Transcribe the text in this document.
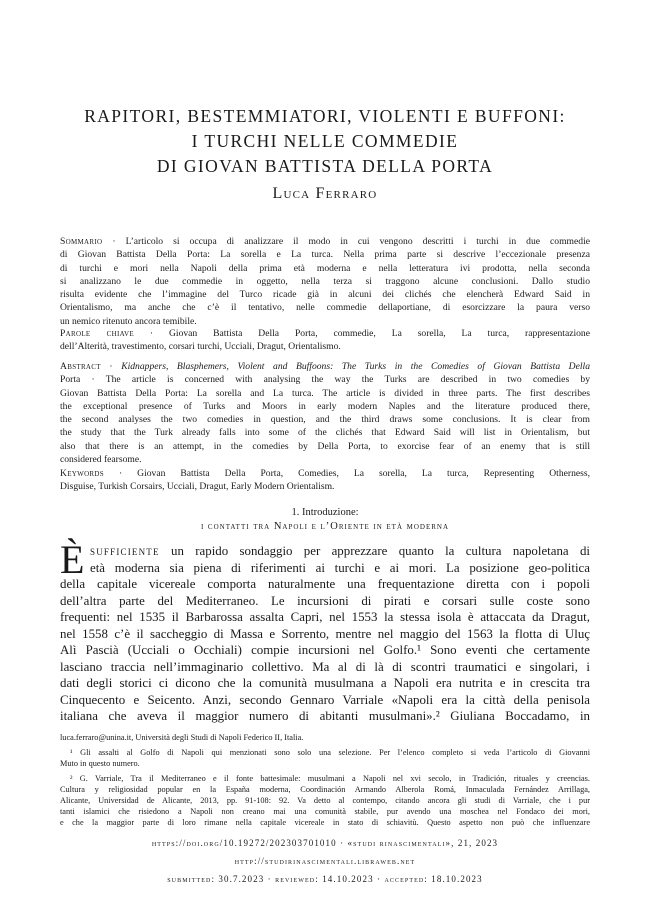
RAPITORI, BESTEMMIATORI, VIOLENTI E BUFFONI:
I TURCHI NELLE COMMEDIE
DI GIOVAN BATTISTA DELLA PORTA
Luca Ferraro
Sommario · L’articolo si occupa di analizzare il modo in cui vengono descritti i turchi in due commedie
di Giovan Battista Della Porta: La sorella e La turca. Nella prima parte si descrive l’eccezionale presenza
di turchi e mori nella Napoli della prima età moderna e nella letteratura ivi prodotta, nella seconda
si analizzano le due commedie in oggetto, nella terza si traggono alcune conclusioni. Dallo studio
risulta evidente che l’immagine del Turco ricade già in alcuni dei clichés che elencherà Edward Said in
Orientalismo, ma anche che c’è il tentativo, nelle commedie dellaportiane, di esorcizzare la paura verso
un nemico ritenuto ancora temibile.
Parole chiave · Giovan Battista Della Porta, commedie, La sorella, La turca, rappresentazione
dell’Alterità, travestimento, corsari turchi, Ucciali, Dragut, Orientalismo.
Abstract · Kidnappers, Blasphemers, Violent and Buffoons: The Turks in the Comedies of Giovan Battista Della
Porta · The article is concerned with analysing the way the Turks are described in two comedies by
Giovan Battista Della Porta: La sorella and La turca. The article is divided in three parts. The first describes
the exceptional presence of Turks and Moors in early modern Naples and the literature produced there,
the second analyses the two comedies in question, and the third draws some conclusions. It is clear from
the study that the Turk already falls into some of the clichés that Edward Said will list in Orientalism, but
also that there is an attempt, in the comedies by Della Porta, to exorcise fear of an enemy that is still
considered fearsome.
Keywords · Giovan Battista Della Porta, Comedies, La sorella, La turca, Representing Otherness,
Disguise, Turkish Corsairs, Ucciali, Dragut, Early Modern Orientalism.
1. Introduzione:
i contatti tra Napoli e l’Oriente in età moderna
È sufficiente un rapido sondaggio per apprezzare quanto la cultura napoletana di
età moderna sia piena di riferimenti ai turchi e ai mori. La posizione geo-politica
della capitale vicereale comporta naturalmente una frequentazione diretta con i popoli
dell’altra parte del Mediterraneo. Le incursioni di pirati e corsari sulle coste sono
frequenti: nel 1535 il Barbarossa assalta Capri, nel 1553 la stessa isola è attaccata da Dragut,
nel 1558 c’è il saccheggio di Massa e Sorrento, mentre nel maggio del 1563 la flotta di Uluç
Alì Pascià (Ucciali o Occhiali) compie incursioni nel Golfo.¹ Sono eventi che certamente
lasciano traccia nell’immaginario collettivo. Ma al di là di scontri traumatici e singolari, i
dati degli storici ci dicono che la comunità musulmana a Napoli era nutrita e in crescita tra
Cinquecento e Seicento. Anzi, secondo Gennaro Varriale «Napoli era la città della penisola
italiana che aveva il maggior numero di abitanti musulmani».² Giuliana Boccadamo, in
luca.ferraro@unina.it, Università degli Studi di Napoli Federico II, Italia.
¹ Gli assalti al Golfo di Napoli qui menzionati sono solo una selezione. Per l’elenco completo si veda l’articolo di Giovanni
Muto in questo numero.
² G. Varriale, Tra il Mediterraneo e il fonte battesimale: musulmani a Napoli nel xvi secolo, in Tradición, rituales y creencias.
Cultura y religiosidad popular en la España moderna, Coordinación Armando Alberola Romá, Inmaculada Fernández Arrillaga,
Alicante, Universidad de Alicante, 2013, pp. 91-108: 92. Va detto al contempo, citando ancora gli studi di Varriale, che i pur
tanti islamici che risiedono a Napoli non creano mai una comunità stabile, pur avendo una moschea nel Fondaco dei mori,
e che la maggior parte di loro rimane nella capitale vicereale in stato di schiavitù. Questo aspetto non può che influenzare
https://doi.org/10.19272/202303701010 · «studi rinascimentali», 21, 2023
http://studirinascimentali.libraweb.net
submitted: 30.7.2023 · reviewed: 14.10.2023 · accepted: 18.10.2023
